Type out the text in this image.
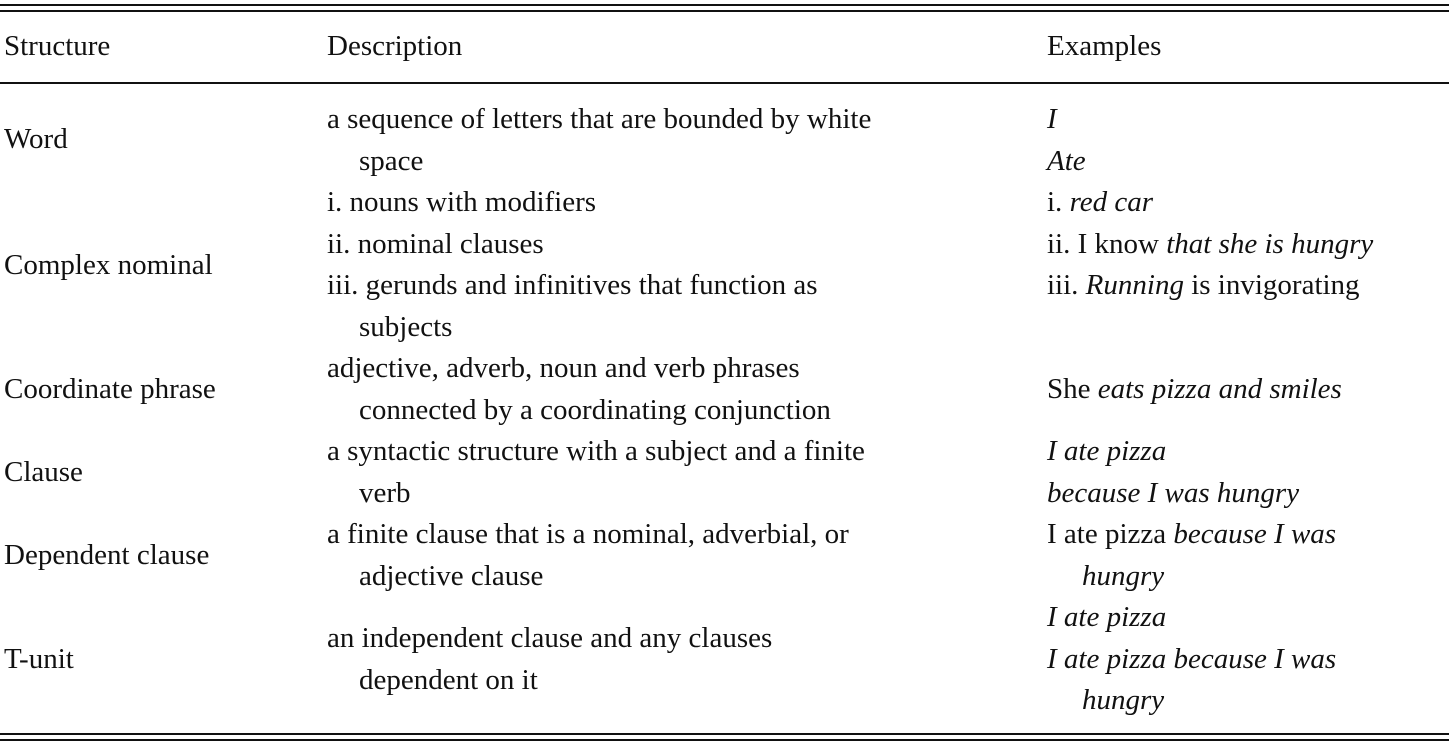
Structure	Description	Examples
Word
a sequence of letters that are bounded by white
space
I
Ate
Complex nominal
i. nouns with modifiers
ii. nominal clauses
iii. gerunds and infinitives that function as
subjects
i. red car
ii. I know that she is hungry
iii. Running is invigorating
Coordinate phrase
adjective, adverb, noun and verb phrases
connected by a coordinating conjunction
She eats pizza and smiles
Clause
a syntactic structure with a subject and a finite
verb
I ate pizza
because I was hungry
Dependent clause
a finite clause that is a nominal, adverbial, or
adjective clause
I ate pizza because I was
hungry
T-unit
an independent clause and any clauses
dependent on it
I ate pizza
I ate pizza because I was
hungry
